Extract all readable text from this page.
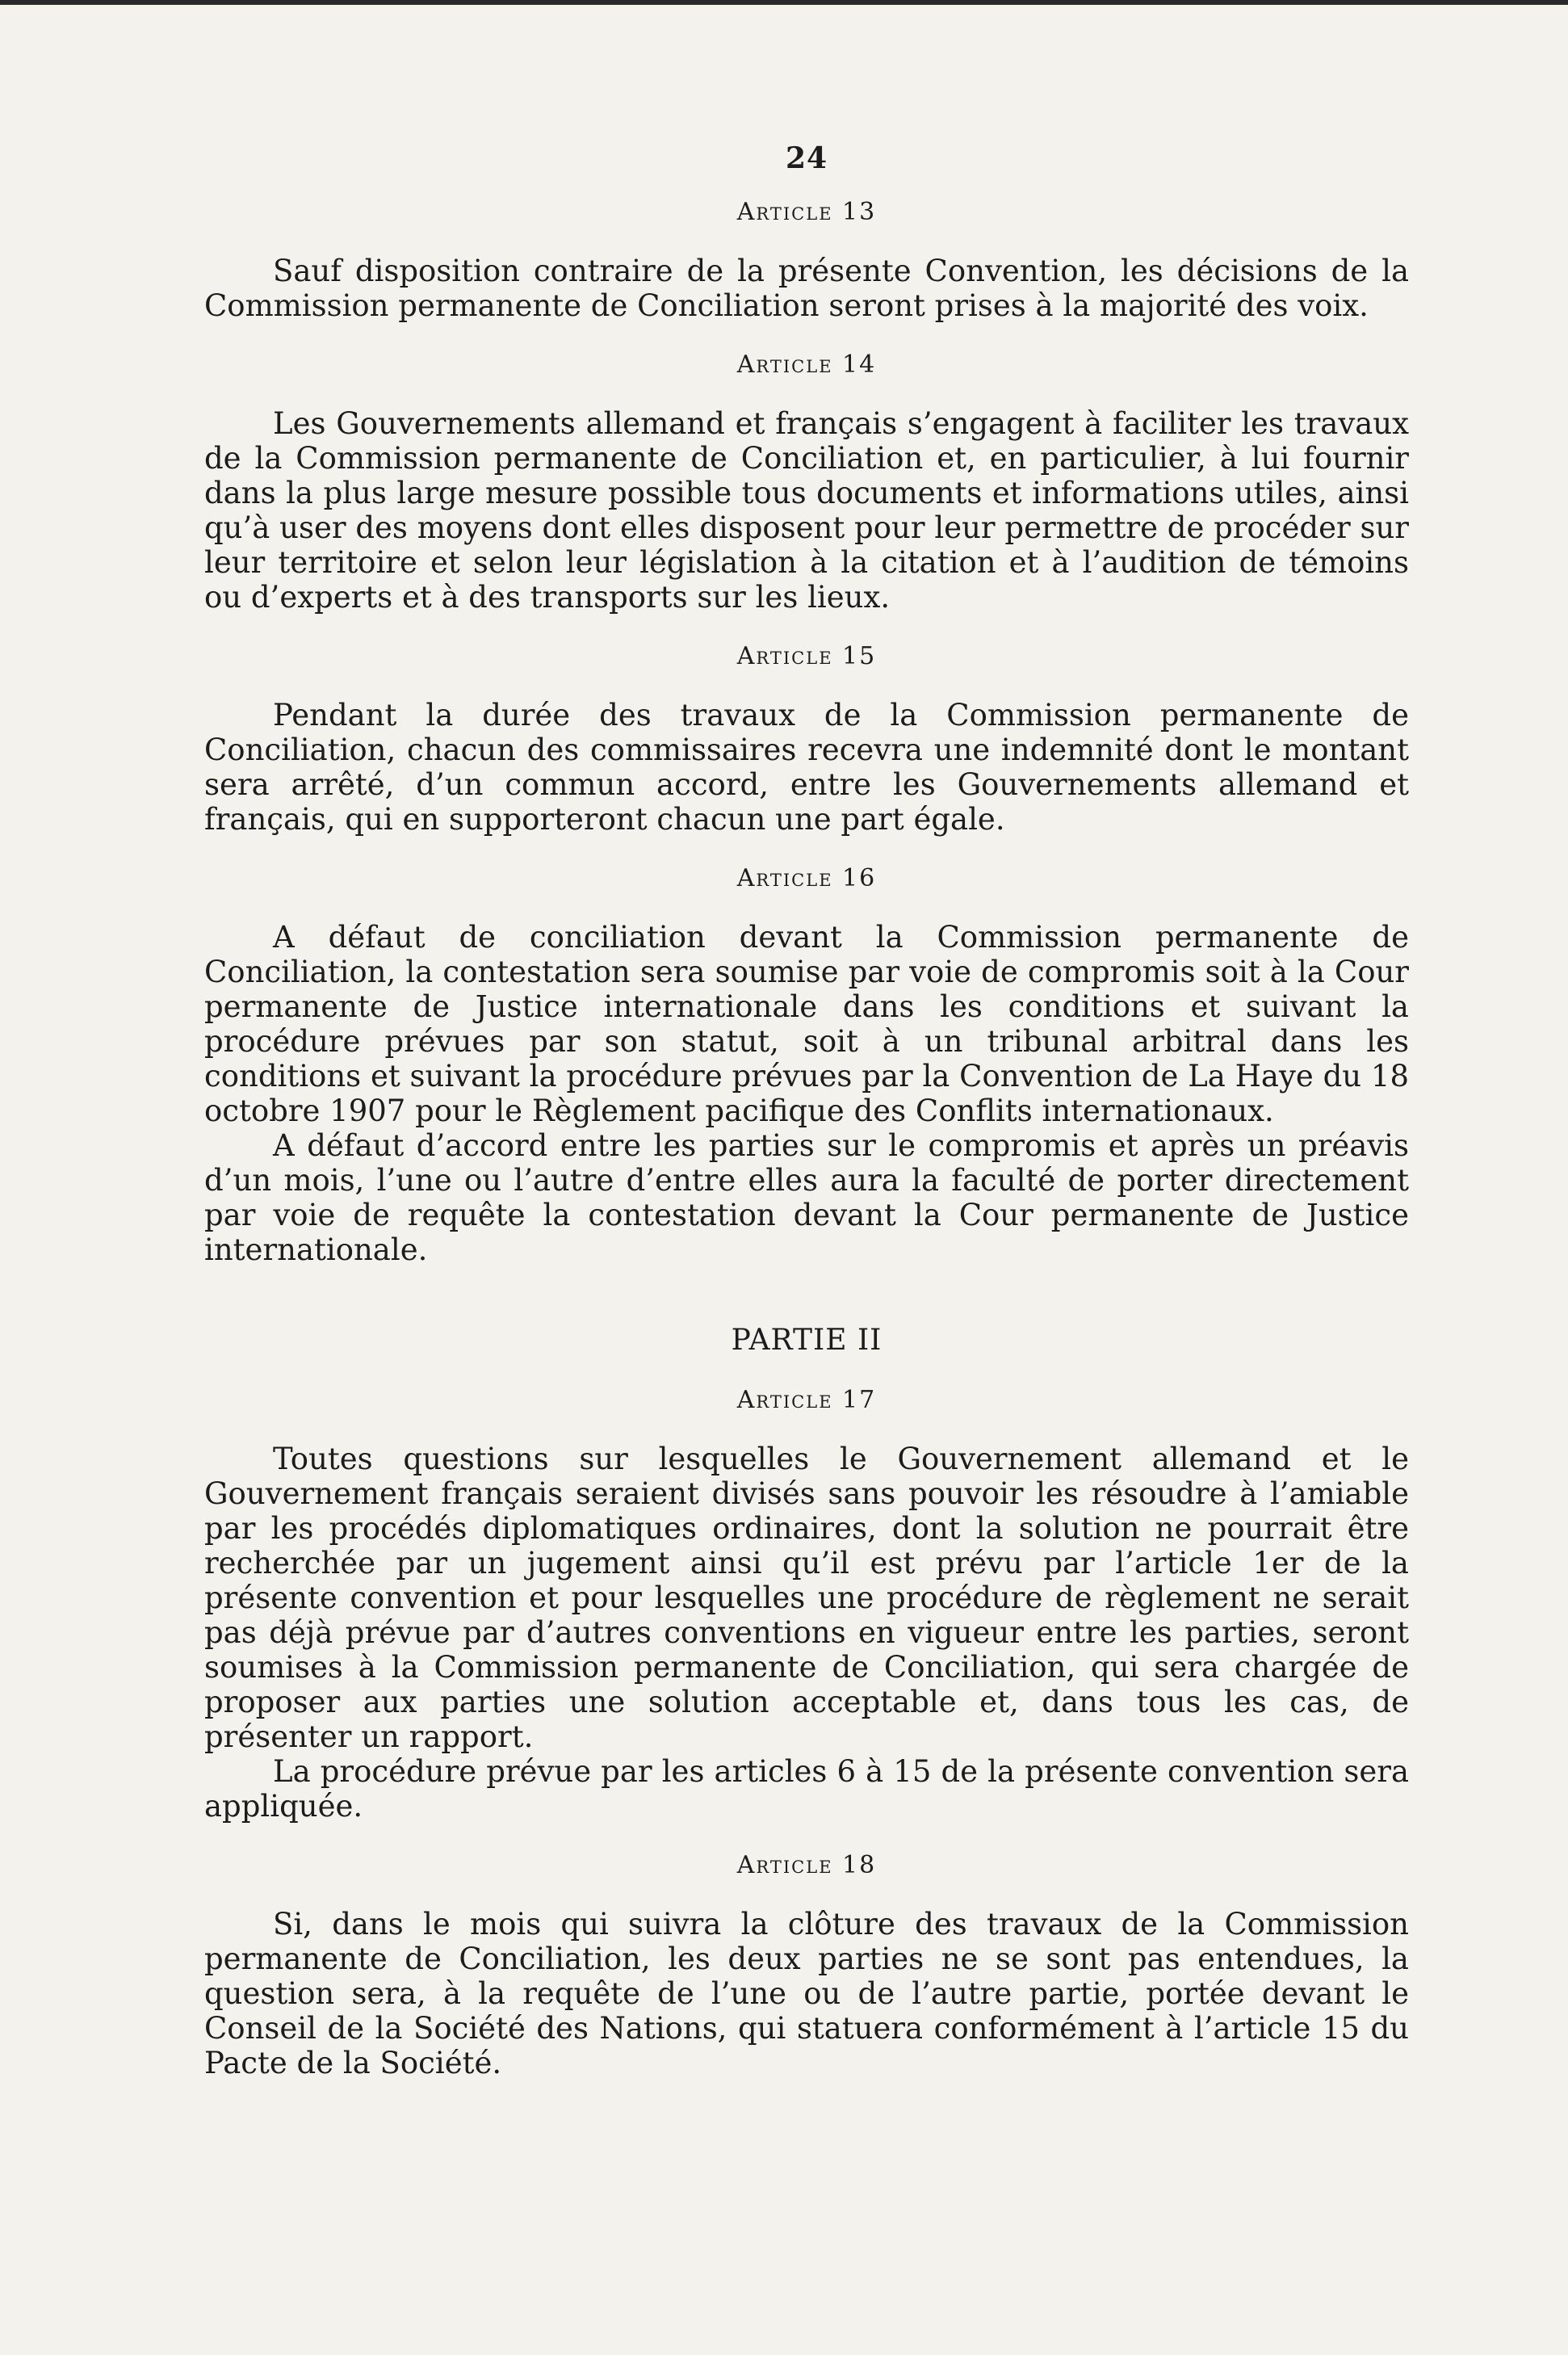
24
Article 13

Sauf disposition contraire de la présente Convention, les décisions de la Commission permanente de Conciliation seront prises à la majorité des voix.

Article 14

Les Gouvernements allemand et français s’engagent à faciliter les travaux de la Commission permanente de Conciliation et, en particulier, à lui fournir dans la plus large mesure possible tous documents et informations utiles, ainsi qu’à user des moyens dont elles disposent pour leur permettre de procéder sur leur territoire et selon leur législation à la citation et à l’audition de témoins ou d’experts et à des transports sur les lieux.

Article 15

Pendant la durée des travaux de la Commission permanente de Conciliation, chacun des commissaires recevra une indemnité dont le montant sera arrêté, d’un commun accord, entre les Gouvernements allemand et français, qui en supporteront chacun une part égale.

Article 16

A défaut de conciliation devant la Commission permanente de Conciliation, la contestation sera soumise par voie de compromis soit à la Cour permanente de Justice internationale dans les conditions et suivant la procédure prévues par son statut, soit à un tribunal arbitral dans les conditions et suivant la procédure prévues par la Convention de La Haye du 18 octobre 1907 pour le Règlement pacifique des Conflits internationaux.

A défaut d’accord entre les parties sur le compromis et après un préavis d’un mois, l’une ou l’autre d’entre elles aura la faculté de porter directement par voie de requête la contestation devant la Cour permanente de Justice internationale.

PARTIE II
Article 17

Toutes questions sur lesquelles le Gouvernement allemand et le Gouvernement français seraient divisés sans pouvoir les résoudre à l’amiable par les procédés diplomatiques ordinaires, dont la solution ne pourrait être recherchée par un jugement ainsi qu’il est prévu par l’article 1er de la présente convention et pour lesquelles une procédure de règlement ne serait pas déjà prévue par d’autres conventions en vigueur entre les parties, seront soumises à la Commission permanente de Conciliation, qui sera chargée de proposer aux parties une solution acceptable et, dans tous les cas, de présenter un rapport.

La procédure prévue par les articles 6 à 15 de la présente convention sera appliquée.

Article 18

Si, dans le mois qui suivra la clôture des travaux de la Commission permanente de Conciliation, les deux parties ne se sont pas entendues, la question sera, à la requête de l’une ou de l’autre partie, portée devant le Conseil de la Société des Nations, qui statuera conformément à l’article 15 du Pacte de la Société.
